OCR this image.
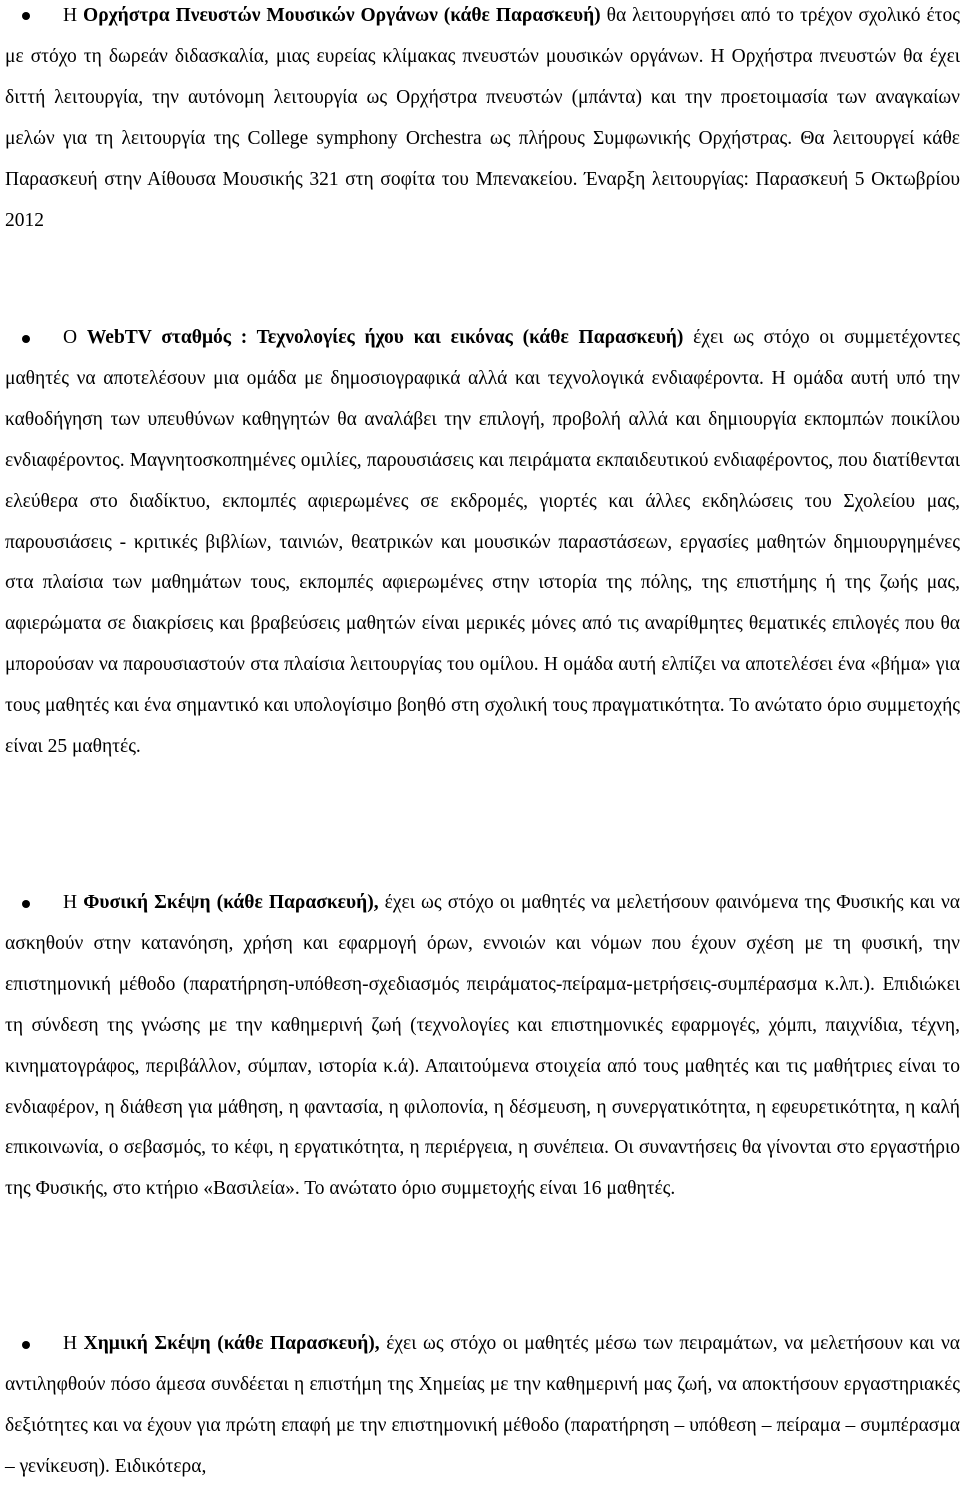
Η Ορχήστρα Πνευστών Μουσικών Οργάνων (κάθε Παρασκευή) θα λειτουργήσει από το τρέχον σχολικό έτος με στόχο τη δωρεάν διδασκαλία, μιας ευρείας κλίμακας πνευστών μουσικών οργάνων. Η Ορχήστρα πνευστών θα έχει διττή λειτουργία, την αυτόνομη λειτουργία ως Ορχήστρα πνευστών (μπάντα) και την προετοιμασία των αναγκαίων μελών για τη λειτουργία της College symphony Orchestra ως πλήρους Συμφωνικής Ορχήστρας. Θα λειτουργεί κάθε Παρασκευή στην Αίθουσα Μουσικής 321 στη σοφίτα του Μπενακείου. Έναρξη λειτουργίας: Παρασκευή 5 Οκτωβρίου 2012

Ο WebTV σταθμός : Τεχνολογίες ήχου και εικόνας (κάθε Παρασκευή) έχει ως στόχο οι συμμετέχοντες μαθητές να αποτελέσουν μια ομάδα με δημοσιογραφικά αλλά και τεχνολογικά ενδιαφέροντα. Η ομάδα αυτή υπό την καθοδήγηση των υπευθύνων καθηγητών θα αναλάβει την επιλογή, προβολή αλλά και δημιουργία εκπομπών ποικίλου ενδιαφέροντος. Μαγνητοσκοπημένες ομιλίες, παρουσιάσεις και πειράματα εκπαιδευτικού ενδιαφέροντος, που διατίθενται ελεύθερα στο διαδίκτυο, εκπομπές αφιερωμένες σε εκδρομές, γιορτές και άλλες εκδηλώσεις του Σχολείου μας, παρουσιάσεις - κριτικές βιβλίων, ταινιών, θεατρικών και μουσικών παραστάσεων, εργασίες μαθητών δημιουργημένες στα πλαίσια των μαθημάτων τους, εκπομπές αφιερωμένες στην ιστορία της πόλης, της επιστήμης ή της ζωής μας, αφιερώματα σε διακρίσεις και βραβεύσεις μαθητών είναι μερικές μόνες από τις αναρίθμητες θεματικές επιλογές που θα μπορούσαν να παρουσιαστούν στα πλαίσια λειτουργίας του ομίλου. Η ομάδα αυτή ελπίζει να αποτελέσει ένα «βήμα» για τους μαθητές και ένα σημαντικό και υπολογίσιμο βοηθό στη σχολική τους πραγματικότητα. Το ανώτατο όριο συμμετοχής είναι 25 μαθητές.

Η Φυσική Σκέψη (κάθε Παρασκευή), έχει ως στόχο οι μαθητές να μελετήσουν φαινόμενα της Φυσικής και να ασκηθούν στην κατανόηση, χρήση και εφαρμογή όρων, εννοιών και νόμων που έχουν σχέση με τη φυσική, την επιστημονική μέθοδο (παρατήρηση-υπόθεση-σχεδιασμός πειράματος-πείραμα-μετρήσεις-συμπέρασμα κ.λπ.). Επιδιώκει τη σύνδεση της γνώσης με την καθημερινή ζωή (τεχνολογίες και επιστημονικές εφαρμογές, χόμπι, παιχνίδια, τέχνη, κινηματογράφος, περιβάλλον, σύμπαν, ιστορία κ.ά). Απαιτούμενα στοιχεία από τους μαθητές και τις μαθήτριες είναι το ενδιαφέρον, η διάθεση για μάθηση, η φαντασία, η φιλοπονία, η δέσμευση, η συνεργατικότητα, η εφευρετικότητα, η καλή επικοινωνία, ο σεβασμός, το κέφι, η εργατικότητα, η περιέργεια, η συνέπεια. Οι συναντήσεις θα γίνονται στο εργαστήριο της Φυσικής, στο κτήριο «Βασιλεία». Το ανώτατο όριο συμμετοχής είναι 16 μαθητές.

Η Χημική Σκέψη (κάθε Παρασκευή), έχει ως στόχο οι μαθητές μέσω των πειραμάτων, να μελετήσουν και να αντιληφθούν πόσο άμεσα συνδέεται η επιστήμη της Χημείας με την καθημερινή μας ζωή, να αποκτήσουν εργαστηριακές δεξιότητες και να έχουν για πρώτη επαφή με την επιστημονική μέθοδο (παρατήρηση – υπόθεση – πείραμα – συμπέρασμα – γενίκευση). Ειδικότερα,
